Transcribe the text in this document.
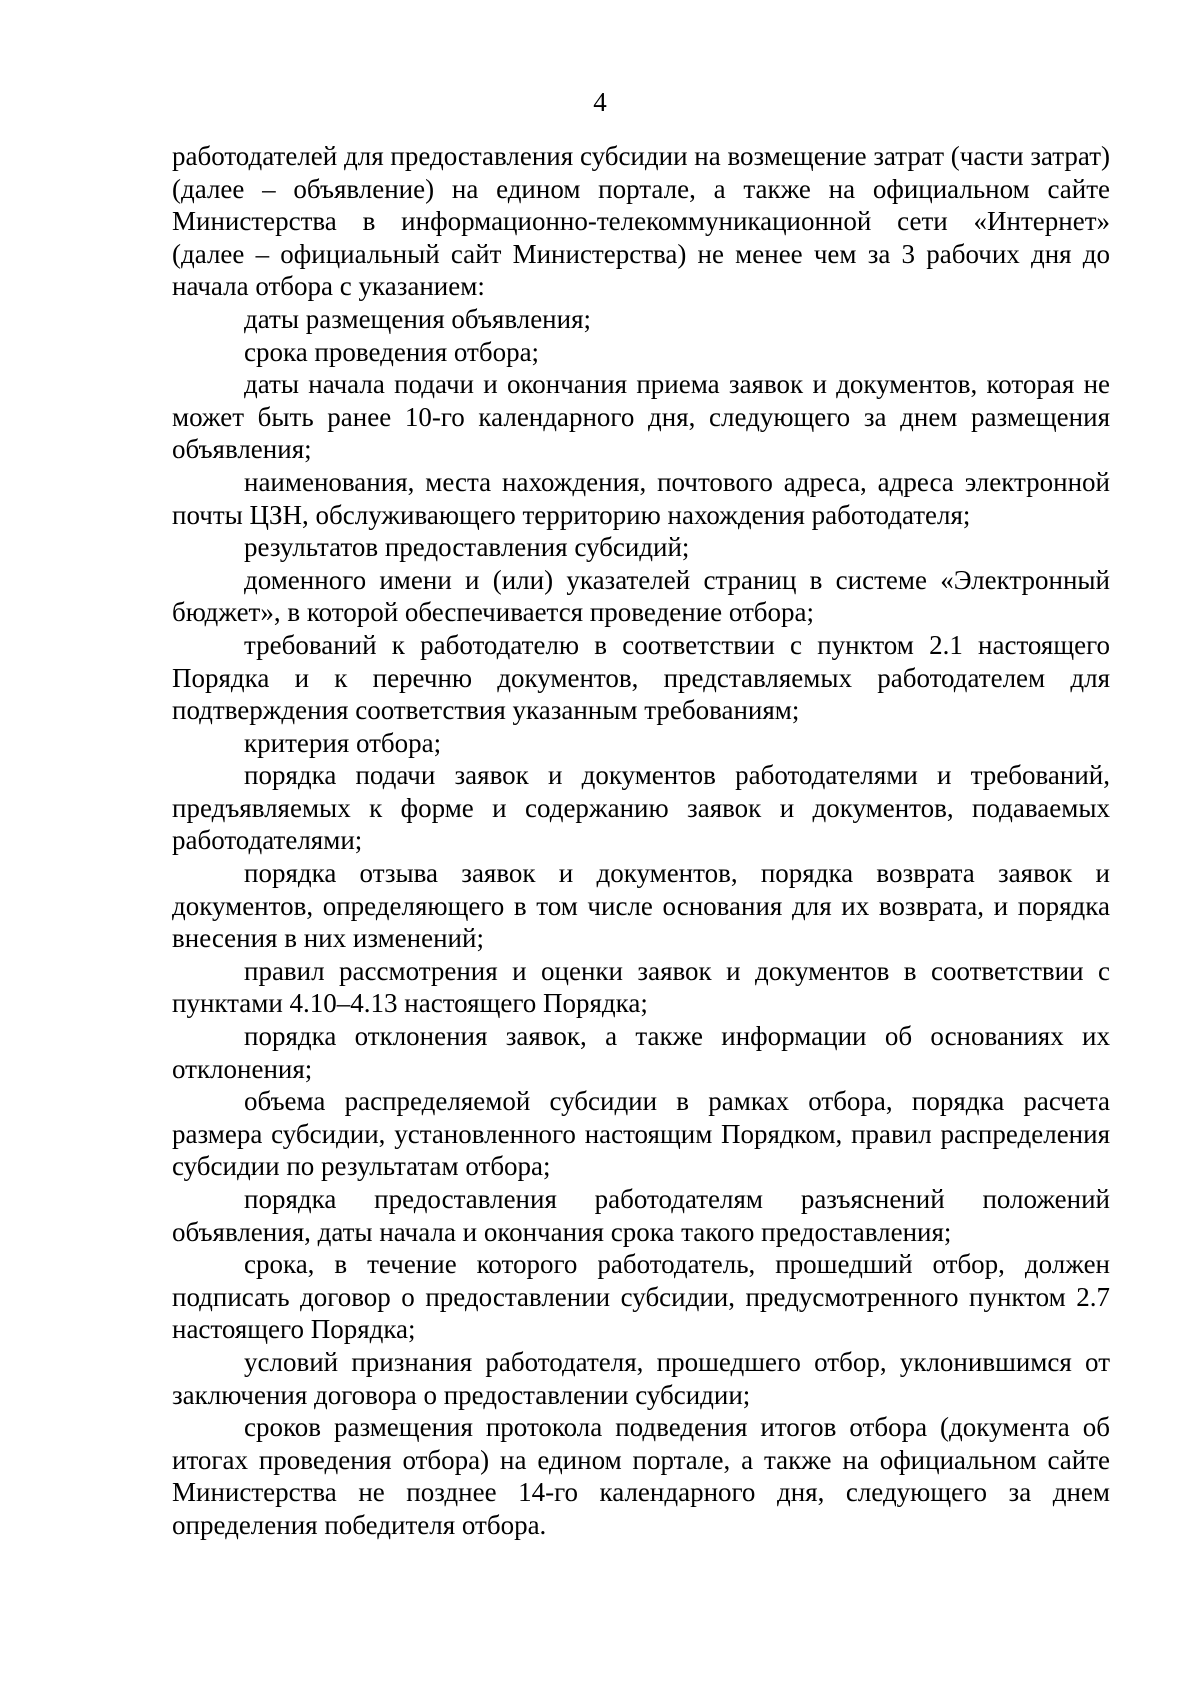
4

работодателей для предоставления субсидии на возмещение затрат (части затрат) (далее – объявление) на едином портале, а также на официальном сайте Министерства в информационно-телекоммуникационной сети «Интернет» (далее – официальный сайт Министерства) не менее чем за 3 рабочих дня до начала отбора с указанием:

даты размещения объявления;

срока проведения отбора;

даты начала подачи и окончания приема заявок и документов, которая не может быть ранее 10-го календарного дня, следующего за днем размещения объявления;

наименования, места нахождения, почтового адреса, адреса электронной почты ЦЗН, обслуживающего территорию нахождения работодателя;

результатов предоставления субсидий;

доменного имени и (или) указателей страниц в системе «Электронный бюджет», в которой обеспечивается проведение отбора;

требований к работодателю в соответствии с пунктом 2.1 настоящего Порядка и к перечню документов, представляемых работодателем для подтверждения соответствия указанным требованиям;

критерия отбора;

порядка подачи заявок и документов работодателями и требований, предъявляемых к форме и содержанию заявок и документов, подаваемых работодателями;

порядка отзыва заявок и документов, порядка возврата заявок и документов, определяющего в том числе основания для их возврата, и порядка внесения в них изменений;

правил рассмотрения и оценки заявок и документов в соответствии с пунктами 4.10–4.13 настоящего Порядка;

порядка отклонения заявок, а также информации об основаниях их отклонения;

объема распределяемой субсидии в рамках отбора, порядка расчета размера субсидии, установленного настоящим Порядком, правил распределения субсидии по результатам отбора;

порядка предоставления работодателям разъяснений положений объявления, даты начала и окончания срока такого предоставления;

срока, в течение которого работодатель, прошедший отбор, должен подписать договор о предоставлении субсидии, предусмотренного пунктом 2.7 настоящего Порядка;

условий признания работодателя, прошедшего отбор, уклонившимся от заключения договора о предоставлении субсидии;

сроков размещения протокола подведения итогов отбора (документа об итогах проведения отбора) на едином портале, а также на официальном сайте Министерства не позднее 14-го календарного дня, следующего за днем определения победителя отбора.
